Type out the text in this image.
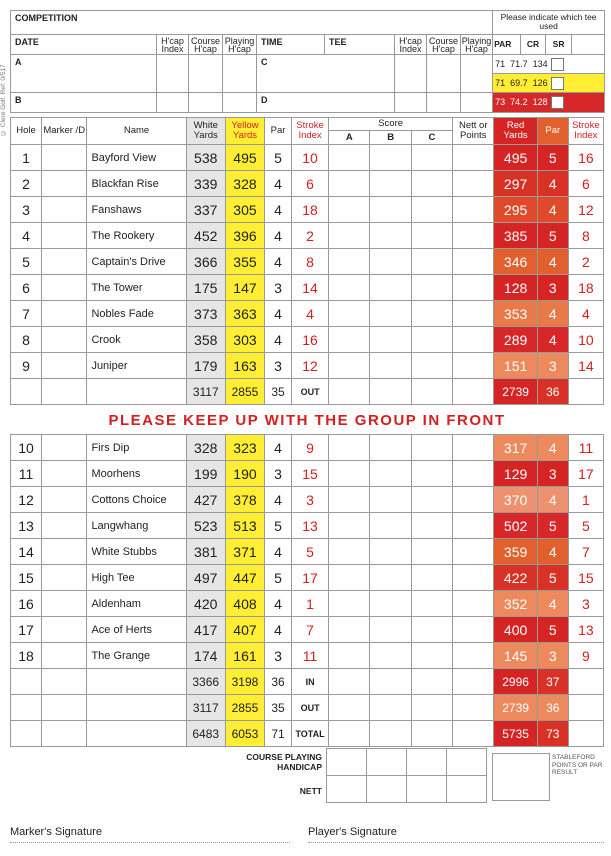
© Clere Golf. Ref: 0/517
COMPETITION									Please indicate which tee used			
DATE	H'cap Index	Course H'cap	Playing H'cap	TIME	TEE	H'cap Index	Course H'cap	Playing H'cap	PAR	CR	SR	
A				C					71 71.7 134			
									71 69.7 126			
B				D					73 74.2 128			
Hole	Marker /D	Name	White Yards	Yellow Yards	Par	Stroke Index	Score
A B C			Nett or Points	Red Yards	Par	Stroke Index
1		Bayford View	538	495	5	10					495	5	16
2		Blackfan Rise	339	328	4	6					297	4	6
3		Fanshaws	337	305	4	18					295	4	12
4		The Rookery	452	396	4	2					385	5	8
5		Captain's Drive	366	355	4	8					346	4	2
6		The Tower	175	147	3	14					128	3	18
7		Nobles Fade	373	363	4	4					353	4	4
8		Crook	358	303	4	16					289	4	10
9		Juniper	179	163	3	12					151	3	14
			3117	2855	35	OUT					2739	36	
PLEASE KEEP UP WITH THE GROUP IN FRONT
10		Firs Dip	328	323	4	9					317	4	11
11		Moorhens	199	190	3	15					129	3	17
12		Cottons Choice	427	378	4	3					370	4	1
13		Langwhang	523	513	5	13					502	5	5
14		White Stubbs	381	371	4	5					359	4	7
15		High Tee	497	447	5	17					422	5	15
16		Aldenham	420	408	4	1					352	4	3
17		Ace of Herts	417	407	4	7					400	5	13
18		The Grange	174	161	3	11					145	3	9
			3366	3198	36	IN					2996	37	
			3117	2855	35	OUT					2739	36	
			6483	6053	71	TOTAL					5735	73	
COURSE PLAYING HANDICAP
NETT

STABLEFORD POINTS OR PAR RESULT
Marker's Signature	Player's Signature
